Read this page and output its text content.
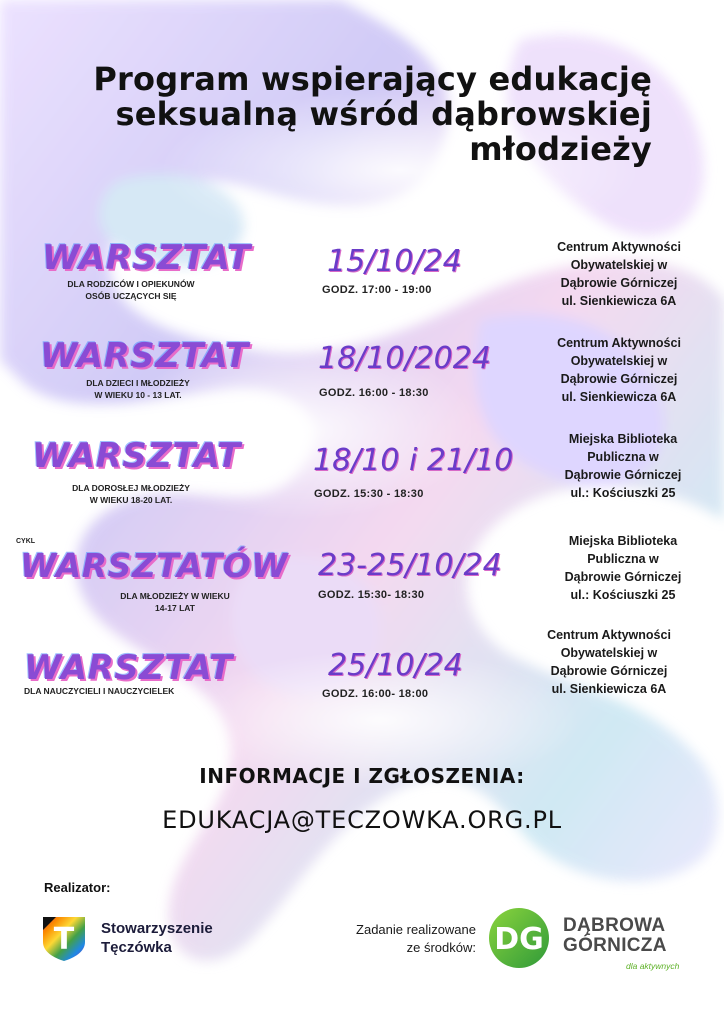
Program wspierający edukację
seksualną wśród dąbrowskiej
młodzieży
WARSZTAT
DLA RODZICÓW I OPIEKUNÓW
OSÓB UCZĄCYCH SIĘ
15/10/24
GODZ. 17:00 - 19:00
Centrum Aktywności
Obywatelskiej w
Dąbrowie Górniczej
ul. Sienkiewicza 6A
WARSZTAT
DLA DZIECI I MŁODZIEŻY
W WIEKU 10 - 13 LAT.
18/10/2024
GODZ. 16:00 - 18:30
Centrum Aktywności
Obywatelskiej w
Dąbrowie Górniczej
ul. Sienkiewicza 6A
WARSZTAT
DLA DOROSŁEJ MŁODZIEŻY
W WIEKU 18-20 LAT.
18/10 i 21/10
GODZ. 15:30 - 18:30
Miejska Biblioteka
Publiczna w
Dąbrowie Górniczej
ul.: Kościuszki 25
CYKL
WARSZTATÓW
DLA MŁODZIEŻY W WIEKU
14-17 LAT
23-25/10/24
GODZ. 15:30- 18:30
Miejska Biblioteka
Publiczna w
Dąbrowie Górniczej
ul.: Kościuszki 25
WARSZTAT
DLA NAUCZYCIELI I NAUCZYCIELEK
25/10/24
GODZ. 16:00- 18:00
Centrum Aktywności
Obywatelskiej w
Dąbrowie Górniczej
ul. Sienkiewicza 6A
INFORMACJE I ZGŁOSZENIA:
EDUKACJA@TECZOWKA.ORG.PL
Realizator:
T Stowarzyszenie
Tęczówka
Zadanie realizowane
ze środków: DG DĄBROWA
GÓRNICZA
dla aktywnych
